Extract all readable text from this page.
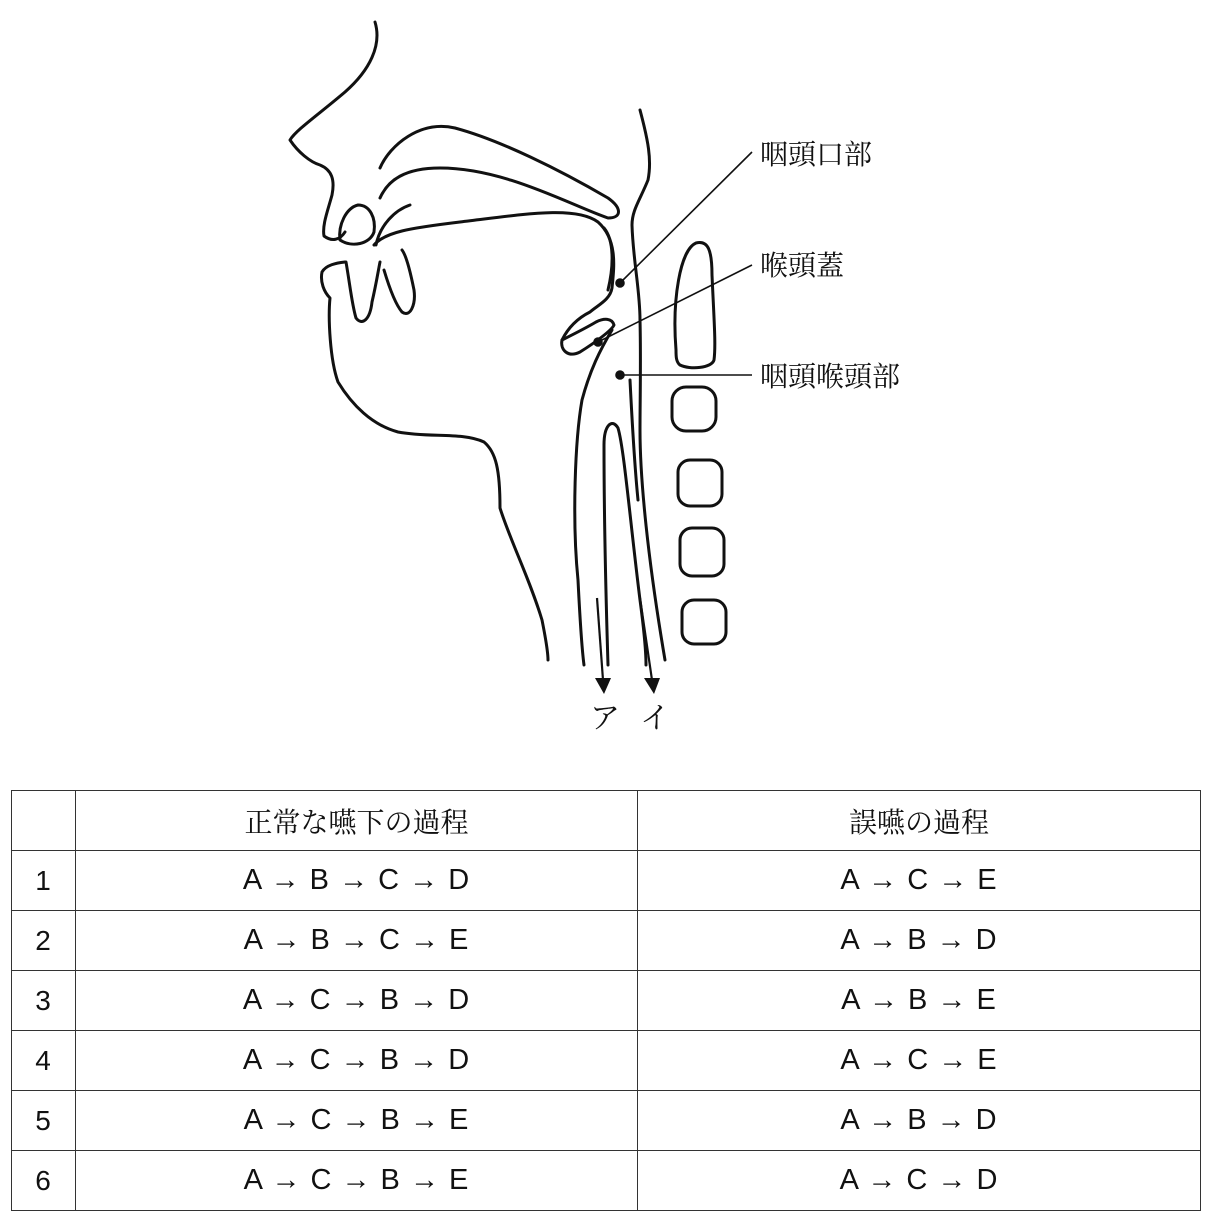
咽頭口部
喉頭蓋
咽頭喉頭部
ア イ
	正常な嚥下の過程	誤嚥の過程
1	A → B → C → D	A → C → E
2	A → B → C → E	A → B → D
3	A → C → B → D	A → B → E
4	A → C → B → D	A → C → E
5	A → C → B → E	A → B → D
6	A → C → B → E	A → C → D
